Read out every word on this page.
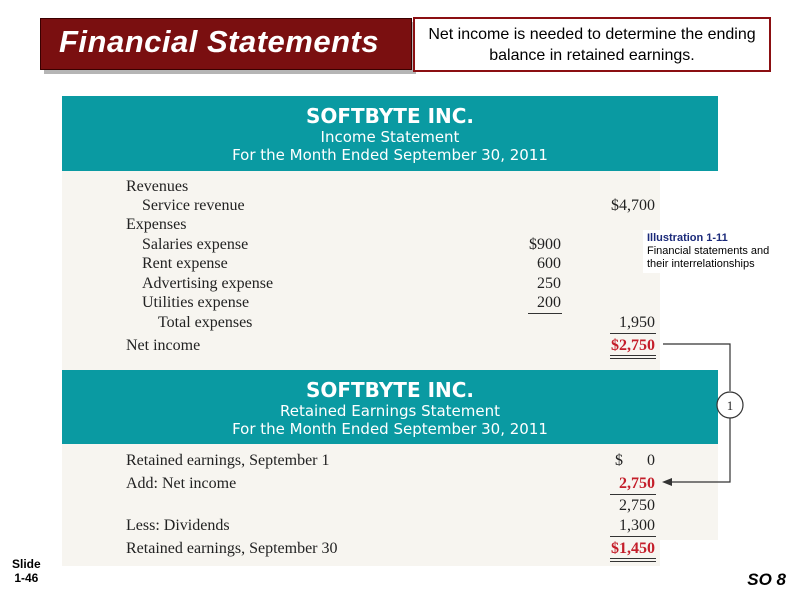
Financial Statements	Net income is needed to determine the ending balance in retained earnings.
SOFTBYTE INC.
Income Statement
For the Month Ended September 30, 2011
Revenues
Service revenue	$4,700
Expenses
Salaries expense	$900
Rent expense	600
Advertising expense	250
Utilities expense	200
Total expenses	1,950
Net income	$2,750
SOFTBYTE INC.
Retained Earnings Statement
For the Month Ended September 30, 2011
Retained earnings, September 1	$      0
Add: Net income	2,750
2,750
Less: Dividends	1,300
Retained earnings, September 30	$1,450
1
Illustration 1-11
Financial statements and
their interrelationships
Slide
1-46	SO 8
